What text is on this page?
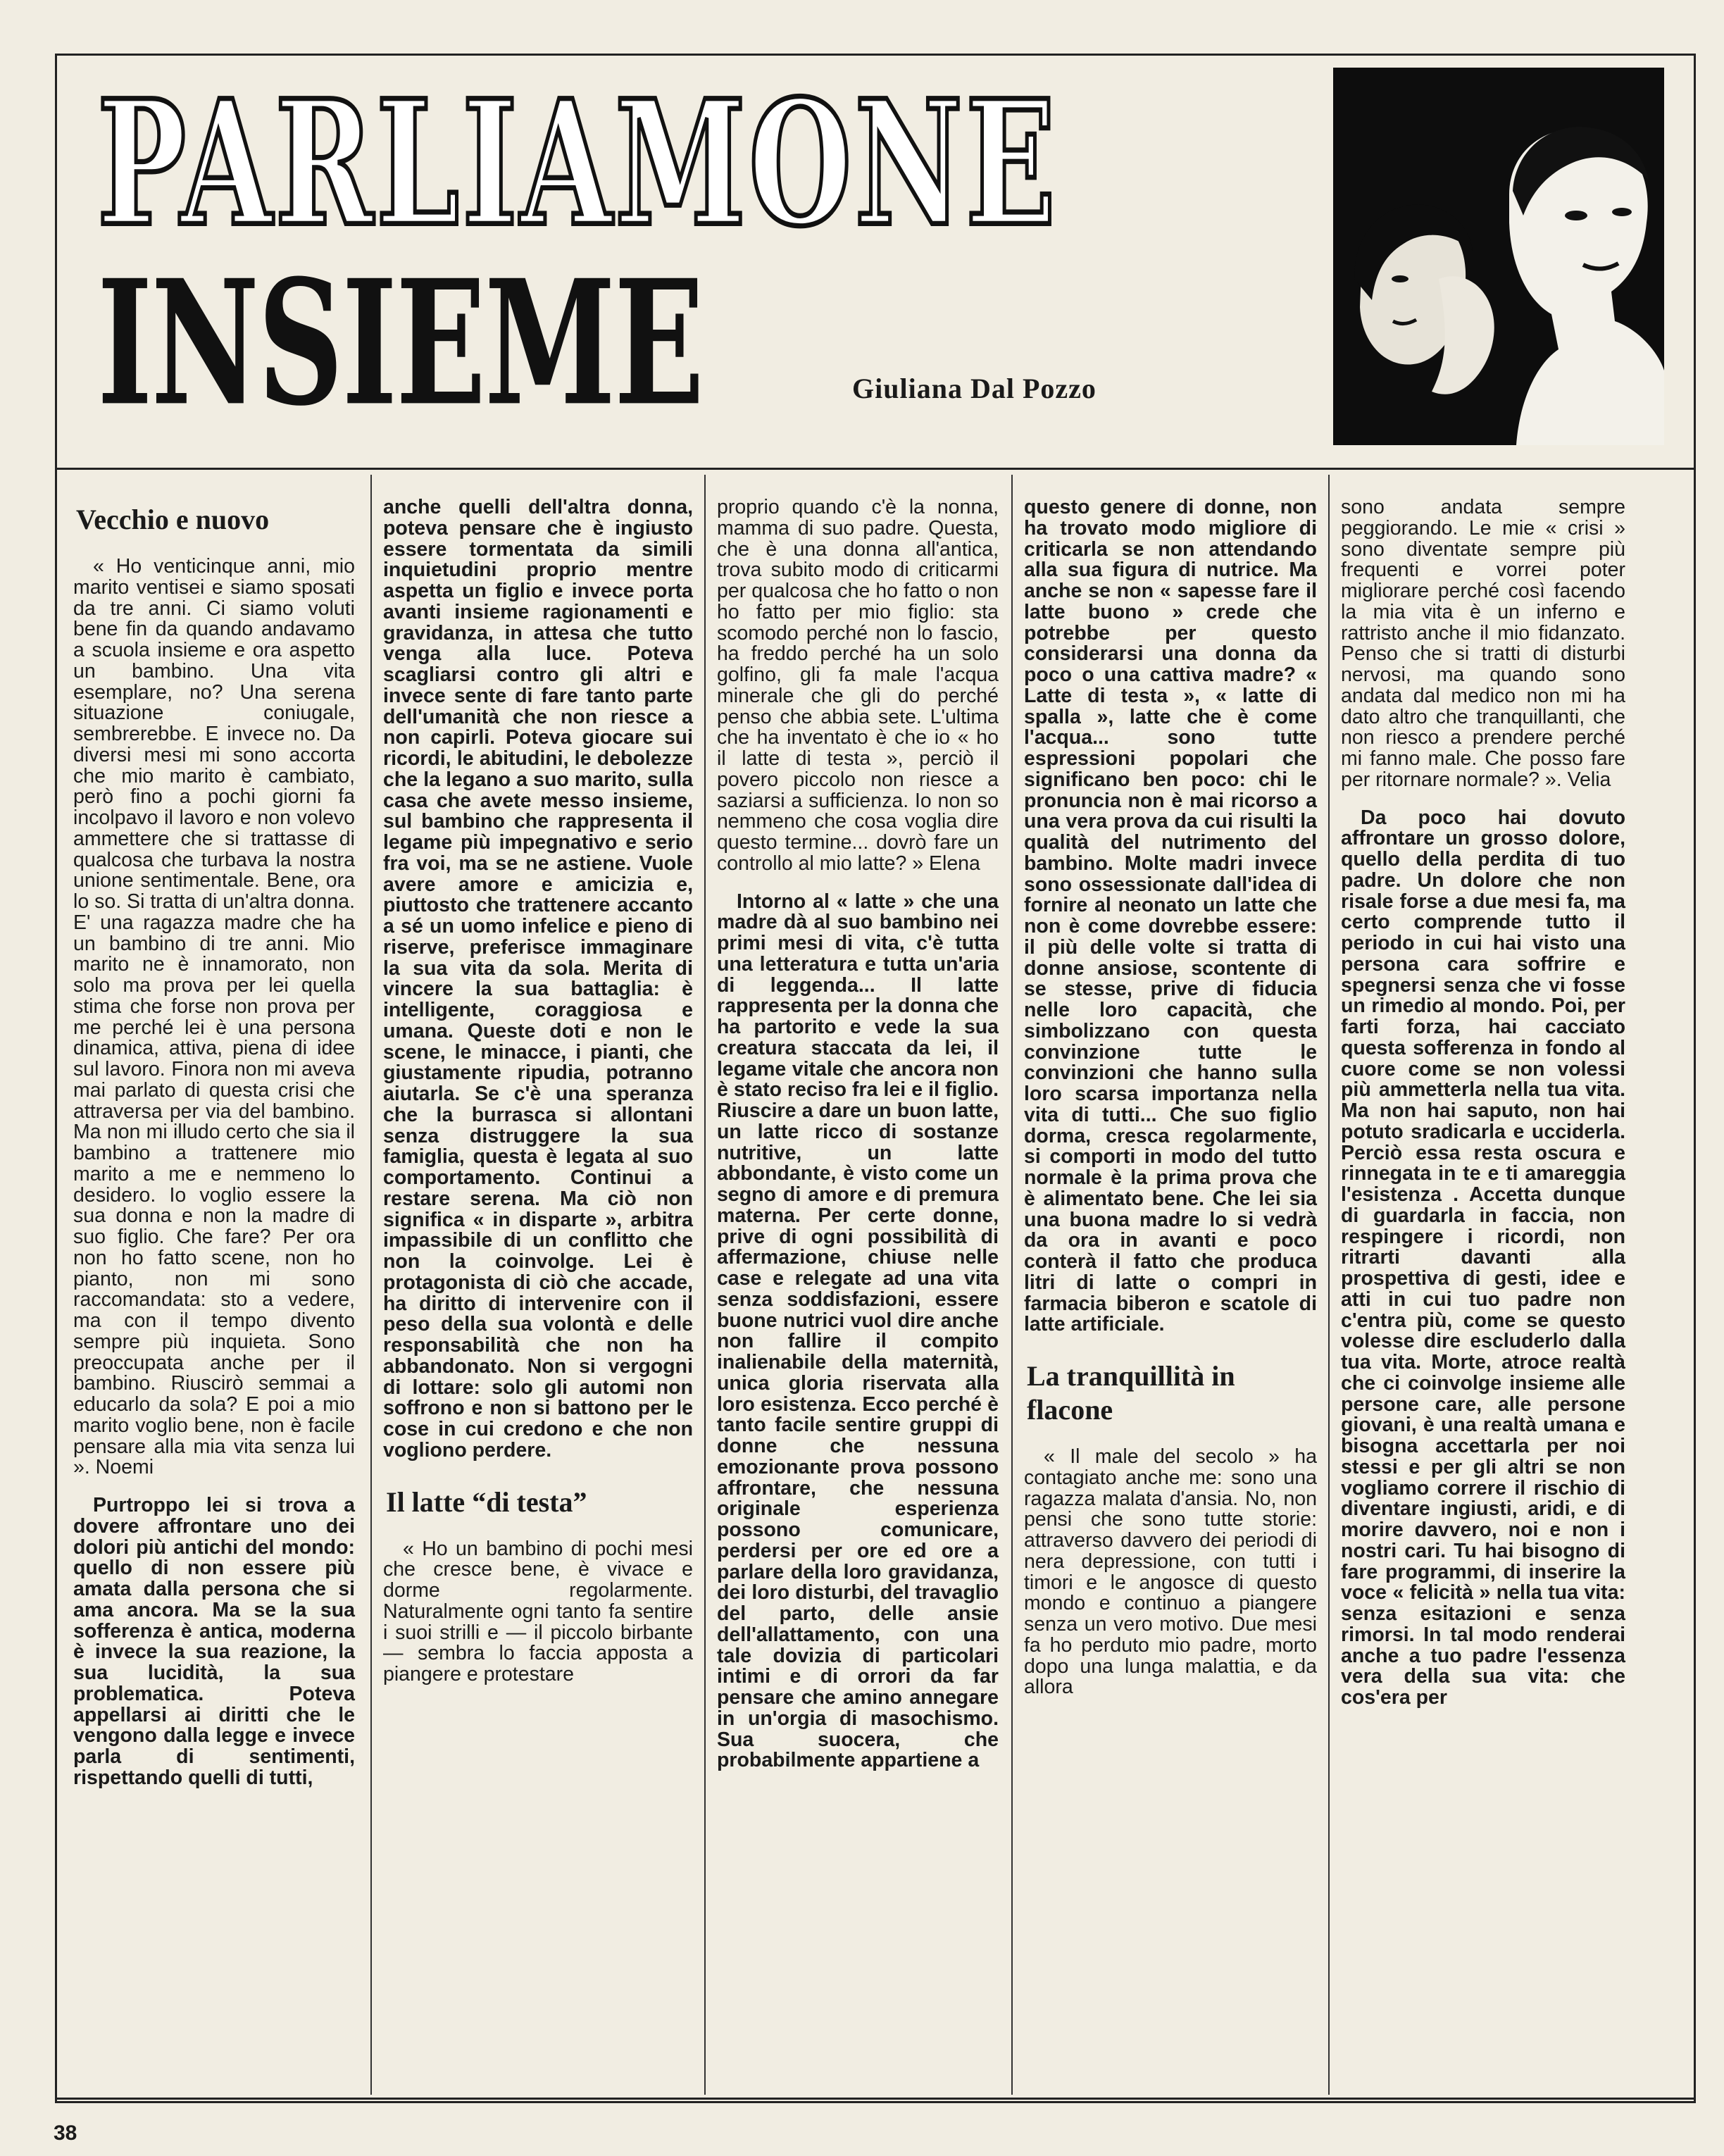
PARLIAMONE
INSIEME	Giuliana Dal Pozzo
Vecchio e nuovo

« Ho venticinque anni, mio marito ventisei e siamo sposati da tre anni. Ci siamo voluti bene fin da quando andavamo a scuola insieme e ora aspetto un bambino. Una vita esemplare, no? Una serena situazione coniugale, sembrerebbe. E invece no. Da diversi mesi mi sono accorta che mio marito è cambiato, però fino a pochi giorni fa incolpavo il lavoro e non volevo ammettere che si trattasse di qualcosa che turbava la nostra unione sentimentale. Bene, ora lo so. Si tratta di un'altra donna. E' una ragazza madre che ha un bambino di tre anni. Mio marito ne è innamorato, non solo ma prova per lei quella stima che forse non prova per me perché lei è una persona dinamica, attiva, piena di idee sul lavoro. Finora non mi aveva mai parlato di questa crisi che attraversa per via del bambino. Ma non mi illudo certo che sia il bambino a trattenere mio marito a me e nemmeno lo desidero. Io voglio essere la sua donna e non la madre di suo figlio. Che fare? Per ora non ho fatto scene, non ho pianto, non mi sono raccomandata: sto a vedere, ma con il tempo divento sempre più inquieta. Sono preoccupata anche per il bambino. Riuscirò semmai a educarlo da sola? E poi a mio marito voglio bene, non è facile pensare alla mia vita senza lui ». Noemi

Purtroppo lei si trova a dovere affrontare uno dei dolori più antichi del mondo: quello di non essere più amata dalla persona che si ama ancora. Ma se la sua sofferenza è antica, moderna è invece la sua reazione, la sua lucidità, la sua problematica. Poteva appellarsi ai diritti che le vengono dalla legge e invece parla di sentimenti, rispettando quelli di tutti,

anche quelli dell'altra donna, poteva pensare che è ingiusto essere tormentata da simili inquietudini proprio mentre aspetta un figlio e invece porta avanti insieme ragionamenti e gravidanza, in attesa che tutto venga alla luce. Poteva scagliarsi contro gli altri e invece sente di fare tanto parte dell'umanità che non riesce a non capirli. Poteva giocare sui ricordi, le abitudini, le debolezze che la legano a suo marito, sulla casa che avete messo insieme, sul bambino che rappresenta il legame più impegnativo e serio fra voi, ma se ne astiene. Vuole avere amore e amicizia e, piuttosto che trattenere accanto a sé un uomo infelice e pieno di riserve, preferisce immaginare la sua vita da sola. Merita di vincere la sua battaglia: è intelligente, coraggiosa e umana. Queste doti e non le scene, le minacce, i pianti, che giustamente ripudia, potranno aiutarla. Se c'è una speranza che la burrasca si allontani senza distruggere la sua famiglia, questa è legata al suo comportamento. Continui a restare serena. Ma ciò non significa « in disparte », arbitra impassibile di un conflitto che non la coinvolge. Lei è protagonista di ciò che accade, ha diritto di intervenire con il peso della sua volontà e delle responsabilità che non ha abbandonato. Non si vergogni di lottare: solo gli automi non soffrono e non si battono per le cose in cui credono e che non vogliono perdere.

Il latte “di testa”

« Ho un bambino di pochi mesi che cresce bene, è vivace e dorme regolarmente. Naturalmente ogni tanto fa sentire i suoi strilli e — il piccolo birbante — sembra lo faccia apposta a piangere e protestare

proprio quando c'è la nonna, mamma di suo padre. Questa, che è una donna all'antica, trova subito modo di criticarmi per qualcosa che ho fatto o non ho fatto per mio figlio: sta scomodo perché non lo fascio, ha freddo perché ha un solo golfino, gli fa male l'acqua minerale che gli do perché penso che abbia sete. L'ultima che ha inventato è che io « ho il latte di testa », perciò il povero piccolo non riesce a saziarsi a sufficienza. Io non so nemmeno che cosa voglia dire questo termine... dovrò fare un controllo al mio latte? » Elena

Intorno al « latte » che una madre dà al suo bambino nei primi mesi di vita, c'è tutta una letteratura e tutta un'aria di leggenda... Il latte rappresenta per la donna che ha partorito e vede la sua creatura staccata da lei, il legame vitale che ancora non è stato reciso fra lei e il figlio. Riuscire a dare un buon latte, un latte ricco di sostanze nutritive, un latte abbondante, è visto come un segno di amore e di premura materna. Per certe donne, prive di ogni possibilità di affermazione, chiuse nelle case e relegate ad una vita senza soddisfazioni, essere buone nutrici vuol dire anche non fallire il compito inalienabile della maternità, unica gloria riservata alla loro esistenza. Ecco perché è tanto facile sentire gruppi di donne che nessuna emozionante prova possono affrontare, che nessuna originale esperienza possono comunicare, perdersi per ore ed ore a parlare della loro gravidanza, dei loro disturbi, del travaglio del parto, delle ansie dell'allattamento, con una tale dovizia di particolari intimi e di orrori da far pensare che amino annegare in un'orgia di masochismo. Sua suocera, che probabilmente appartiene a

questo genere di donne, non ha trovato modo migliore di criticarla se non attendando alla sua figura di nutrice. Ma anche se non « sapesse fare il latte buono » crede che potrebbe per questo considerarsi una donna da poco o una cattiva madre? « Latte di testa », « latte di spalla », latte che è come l'acqua... sono tutte espressioni popolari che significano ben poco: chi le pronuncia non è mai ricorso a una vera prova da cui risulti la qualità del nutrimento del bambino. Molte madri invece sono ossessionate dall'idea di fornire al neonato un latte che non è come dovrebbe essere: il più delle volte si tratta di donne ansiose, scontente di se stesse, prive di fiducia nelle loro capacità, che simbolizzano con questa convinzione tutte le convinzioni che hanno sulla loro scarsa importanza nella vita di tutti... Che suo figlio dorma, cresca regolarmente, si comporti in modo del tutto normale è la prima prova che è alimentato bene. Che lei sia una buona madre lo si vedrà da ora in avanti e poco conterà il fatto che produca litri di latte o compri in farmacia biberon e scatole di latte artificiale.

La tranquillità in flacone

« Il male del secolo » ha contagiato anche me: sono una ragazza malata d'ansia. No, non pensi che sono tutte storie: attraverso davvero dei periodi di nera depressione, con tutti i timori e le angosce di questo mondo e continuo a piangere senza un vero motivo. Due mesi fa ho perduto mio padre, morto dopo una lunga malattia, e da allora

sono andata sempre peggiorando. Le mie « crisi » sono diventate sempre più frequenti e vorrei poter migliorare perché così facendo la mia vita è un inferno e rattristo anche il mio fidanzato. Penso che si tratti di disturbi nervosi, ma quando sono andata dal medico non mi ha dato altro che tranquillanti, che non riesco a prendere perché mi fanno male. Che posso fare per ritornare normale? ». Velia

Da poco hai dovuto affrontare un grosso dolore, quello della perdita di tuo padre. Un dolore che non risale forse a due mesi fa, ma certo comprende tutto il periodo in cui hai visto una persona cara soffrire e spegnersi senza che vi fosse un rimedio al mondo. Poi, per farti forza, hai cacciato questa sofferenza in fondo al cuore come se non volessi più ammetterla nella tua vita. Ma non hai saputo, non hai potuto sradicarla e ucciderla. Perciò essa resta oscura e rinnegata in te e ti amareggia l'esistenza . Accetta dunque di guardarla in faccia, non respingere i ricordi, non ritrarti davanti alla prospettiva di gesti, idee e atti in cui tuo padre non c'entra più, come se questo volesse dire escluderlo dalla tua vita. Morte, atroce realtà che ci coinvolge insieme alle persone care, alle persone giovani, è una realtà umana e bisogna accettarla per noi stessi e per gli altri se non vogliamo correre il rischio di diventare ingiusti, aridi, e di morire davvero, noi e non i nostri cari. Tu hai bisogno di fare programmi, di inserire la voce « felicità » nella tua vita: senza esitazioni e senza rimorsi. In tal modo renderai anche a tuo padre l'essenza vera della sua vita: che cos'era per

38
